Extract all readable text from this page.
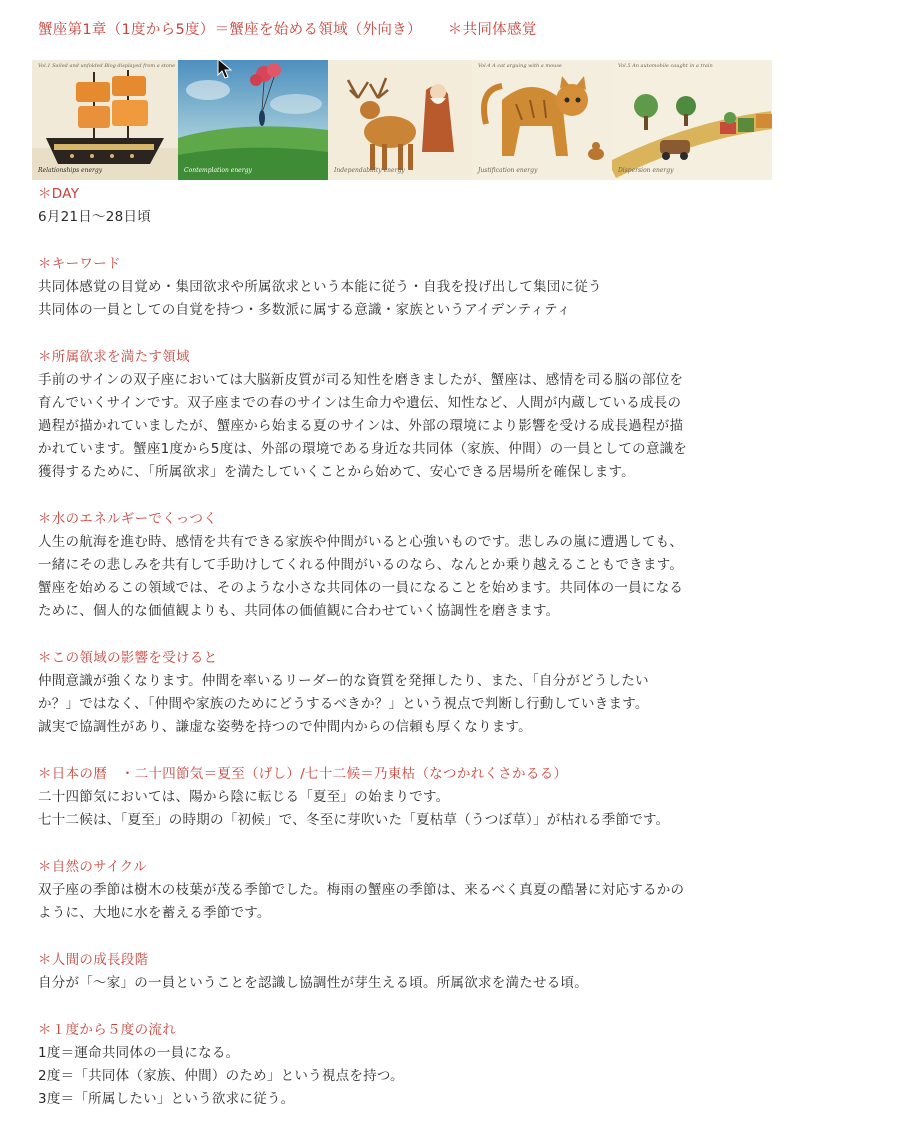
蟹座第1章（1度から5度）＝蟹座を始める領域（外向き） ＊共同体感覚
Vol.1 Sailed and unfolded Blog displayed from a stone
Relationships energy	Contemplation energy	Independability energy
Vol.4 A cat arguing with a mouse
Justification energy
Vol.5 An automobile caught in a train
Dispersion energy
＊DAY
6月21日〜28日頃
＊キーワード
共同体感覚の目覚め・集団欲求や所属欲求という本能に従う・自我を投げ出して集団に従う
共同体の一員としての自覚を持つ・多数派に属する意識・家族というアイデンティティ
＊所属欲求を満たす領域
手前のサインの双子座においては大脳新皮質が司る知性を磨きましたが、蟹座は、感情を司る脳の部位を
育んでいくサインです。双子座までの春のサインは生命力や遺伝、知性など、人間が内蔵している成長の
過程が描かれていましたが、蟹座から始まる夏のサインは、外部の環境により影響を受ける成長過程が描
かれています。蟹座1度から5度は、外部の環境である身近な共同体（家族、仲間）の一員としての意識を
獲得するために、「所属欲求」を満たしていくことから始めて、安心できる居場所を確保します。
＊水のエネルギーでくっつく
人生の航海を進む時、感情を共有できる家族や仲間がいると心強いものです。悲しみの嵐に遭遇しても、
一緒にその悲しみを共有して手助けしてくれる仲間がいるのなら、なんとか乗り越えることもできます。
蟹座を始めるこの領域では、そのような小さな共同体の一員になることを始めます。共同体の一員になる
ために、個人的な価値観よりも、共同体の価値観に合わせていく協調性を磨きます。
＊この領域の影響を受けると
仲間意識が強くなります。仲間を率いるリーダー的な資質を発揮したり、また、「自分がどうしたい
か？」ではなく、「仲間や家族のためにどうするべきか？」という視点で判断し行動していきます。
誠実で協調性があり、謙虚な姿勢を持つので仲間内からの信頼も厚くなります。
＊日本の暦　・二十四節気＝夏至（げし）/七十二候＝乃東枯（なつかれくさかるる）
二十四節気においては、陽から陰に転じる「夏至」の始まりです。
七十二候は、「夏至」の時期の「初候」で、冬至に芽吹いた「夏枯草（うつぼ草）」が枯れる季節です。
＊自然のサイクル
双子座の季節は樹木の枝葉が茂る季節でした。梅雨の蟹座の季節は、来るべく真夏の酷暑に対応するかの
ように、大地に水を蓄える季節です。
＊人間の成長段階
自分が「〜家」の一員ということを認識し協調性が芽生える頃。所属欲求を満たせる頃。
＊１度から５度の流れ
1度＝運命共同体の一員になる。
2度＝「共同体（家族、仲間）のため」という視点を持つ。
3度＝「所属したい」という欲求に従う。
